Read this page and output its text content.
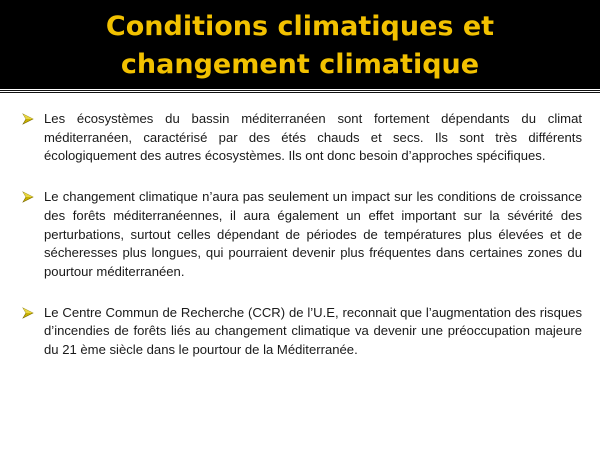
Conditions climatiques et
changement climatique

Les écosystèmes du bassin méditerranéen sont fortement dépendants du climat méditerranéen, caractérisé par des étés chauds et secs. Ils sont très différents écologiquement des autres écosystèmes. Ils ont donc besoin d’approches spécifiques.

Le changement climatique n’aura pas seulement un impact sur les conditions de croissance des forêts méditerranéennes, il aura également un effet important sur la sévérité des perturbations, surtout celles dépendant de périodes de températures plus élevées et de sécheresses plus longues, qui pourraient devenir plus fréquentes dans certaines zones du pourtour méditerranéen.

Le Centre Commun de Recherche (CCR) de l’U.E, reconnait que l’augmentation des risques d’incendies de forêts liés au changement climatique va devenir une préoccupation majeure du 21 ème siècle dans le pourtour de la Méditerranée.
